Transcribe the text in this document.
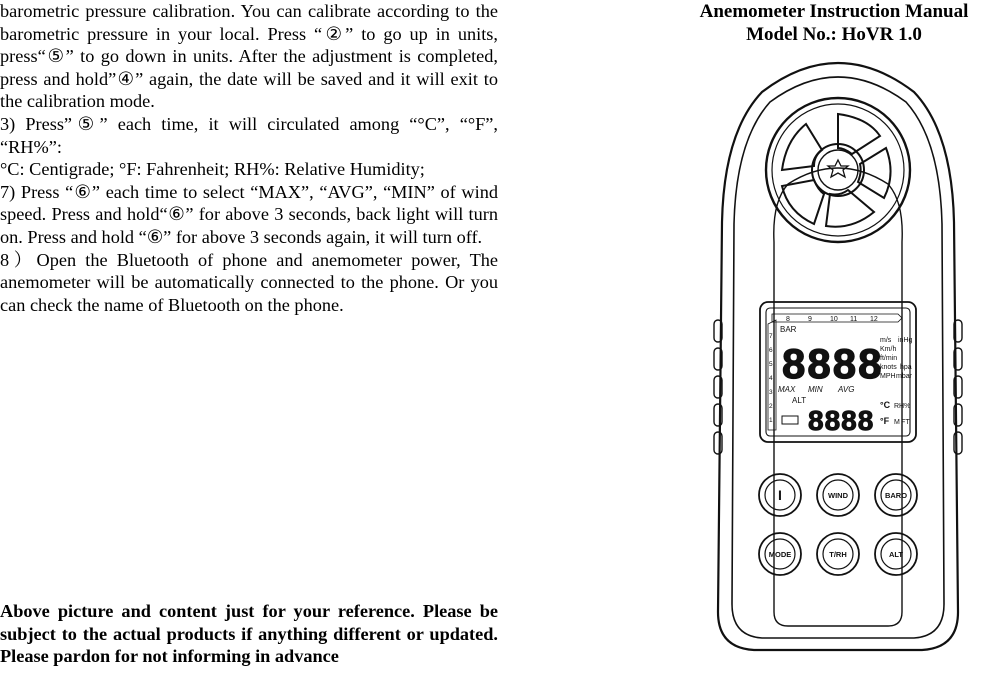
barometric pressure calibration. You can calibrate according to the barometric pressure in your local. Press “②” to go up in units, press“⑤” to go down in units. After the adjustment is completed, press and hold”④” again, the date will be saved and it will exit to the calibration mode.

3) Press”⑤” each time, it will circulated among “°C”, “°F”, “RH%”:

°C: Centigrade; °F: Fahrenheit; RH%: Relative Humidity;

7) Press “⑥” each time to select “MAX”, “AVG”, “MIN” of wind speed. Press and hold“⑥” for above 3 seconds, back light will turn on. Press and hold “⑥” for above 3 seconds again, it will turn off.

8）Open the Bluetooth of phone and anemometer power, The anemometer will be automatically connected to the phone. Or you can check the name of Bluetooth on the phone.

Above picture and content just for your reference. Please be subject to the actual products if anything different or updated. Please pardon for not informing in advance
Anemometer Instruction Manual
Model No.: HoVR 1.0
8	9	10 11 12
BAR
7
6
5
4
3
2
1
8888
m/s inHg
Km/h
ft/min
knots hpa
MPH mbar
MAX MIN AVG
ALT
8888 °C RH%
°F M FT
I	WIND	BARO
MODE	T/RH	ALT
